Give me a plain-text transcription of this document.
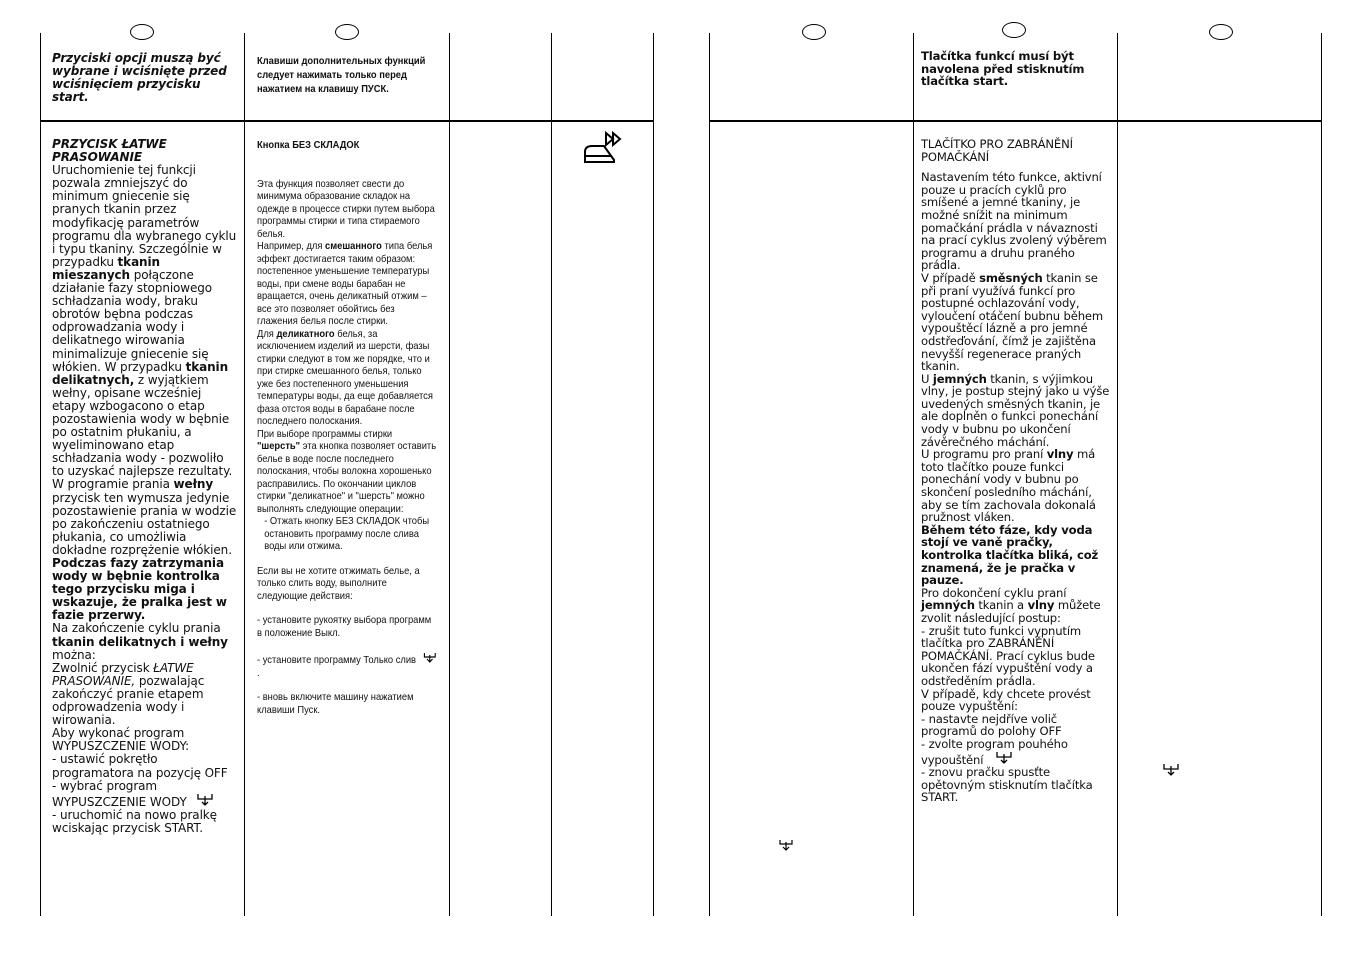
Przyciski opcji muszą być wybrane i wciśnięte przed wciśnięciem przycisku start.
Клавиши дополнительных функций следует нажимать только перед нажатием на клавишу ПУСК.
Tlačítka funkcí musí být navolena před stisknutím tlačítka start.

PRZYCISK ŁATWE PRASOWANIE

Uruchomienie tej funkcji pozwala zmniejszyć do minimum gniecenie się pranych tkanin przez modyfikację parametrów programu dla wybranego cyklu i typu tkaniny. Szczególnie w przypadku tkanin mieszanych połączone działanie fazy stopniowego schładzania wody, braku obrotów bębna podczas odprowadzania wody i delikatnego wirowania minimalizuje gniecenie się włókien. W przypadku tkanin delikatnych, z wyjątkiem wełny, opisane wcześniej etapy wzbogacono o etap pozostawienia wody w bębnie po ostatnim płukaniu, a wyeliminowano etap schładzania wody - pozwoliło to uzyskać najlepsze rezultaty.

W programie prania wełny przycisk ten wymusza jedynie pozostawienie prania w wodzie po zakończeniu ostatniego płukania, co umożliwia dokładne rozprężenie włókien.

Podczas fazy zatrzymania wody w bębnie kontrolka tego przycisku miga i wskazuje, że pralka jest w fazie przerwy.

Na zakończenie cyklu prania tkanin delikatnych i wełny można:

Zwolnić przycisk ŁATWE PRASOWANIE, pozwalając zakończyć pranie etapem odprowadzenia wody i wirowania.

Aby wykonać program WYPUSZCZENIE WODY:

- ustawić pokrętło programatora na pozycję OFF

- wybrać program WYPUSZCZENIE WODY

- uruchomić na nowo pralkę wciskając przycisk START.

Кнопка БЕЗ СКЛАДОК

Эта функция позволяет свести до минимума образование складок на одежде в процессе стирки путем выбора программы стирки и типа стираемого белья.

Например, для смешанного типа белья эффект достигается таким образом: постепенное уменьшение температуры воды, при смене воды барабан не вращается, очень деликатный отжим – все это позволяет обойтись без глажения белья после стирки.

Для деликатного белья, за исключением изделий из шерсти, фазы стирки следуют в том же порядке, что и при стирке смешанного белья, только уже без постепенного уменьшения температуры воды, да еще добавляется фаза отстоя воды в барабане после последнего полоскания.

При выборе программы стирки "шерсть" эта кнопка позволяет оставить белье в воде после последнего полоскания, чтобы волокна хорошенько расправились. По окончании циклов стирки "деликатное" и "шерсть" можно выполнять следующие операции:

- Отжать кнопку БЕЗ СКЛАДОК чтобы остановить программу после слива воды или отжима.

Если вы не хотите отжимать белье, а только слить воду, выполните следующие действия:

- установите рукоятку выбора программ в положение Выкл.

- установите программу Только слив  .

- вновь включите машину нажатием клавиши Пуск.

TLAČÍTKO PRO ZABRÁNĚNÍ POMAČKÁNÍ

Nastavením této funkce, aktivní pouze u pracích cyklů pro smíšené a jemné tkaniny, je možné snížit na minimum pomačkání prádla v návaznosti na prací cyklus zvolený výběrem programu a druhu praného prádla.

V případě směsných tkanin se při praní využívá funkcí pro postupné ochlazování vody, vyloučení otáčení bubnu během vypouštěcí lázně a pro jemné odstřeďování, čímž je zajištěna nevyšší regenerace praných tkanin.

U jemných tkanin, s výjimkou vlny, je postup stejný jako u výše uvedených směsných tkanin, je ale doplněn o funkci ponechání vody v bubnu po ukončení závěrečného máchání.

U programu pro praní vlny má toto tlačítko pouze funkci ponechání vody v bubnu po skončení posledního máchání, aby se tím zachovala dokonalá pružnost vláken.

Během této fáze, kdy voda stojí ve vaně pračky, kontrolka tlačítka bliká, což znamená, že je pračka v pauze.

Pro dokončení cyklu praní jemných tkanin a vlny můžete zvolit následující postup:

- zrušit tuto funkci vypnutím tlačítka pro ZABRÁNĚNÍ POMAČKÁNÍ. Prací cyklus bude ukončen fází vypuštění vody a odstředěním prádla.

V případě, kdy chcete provést pouze vypuštění:

- nastavte nejdříve volič programů do polohy OFF

- zvolte program pouhého vypouštění

- znovu pračku spusťte opětovným stisknutím tlačítka START.
